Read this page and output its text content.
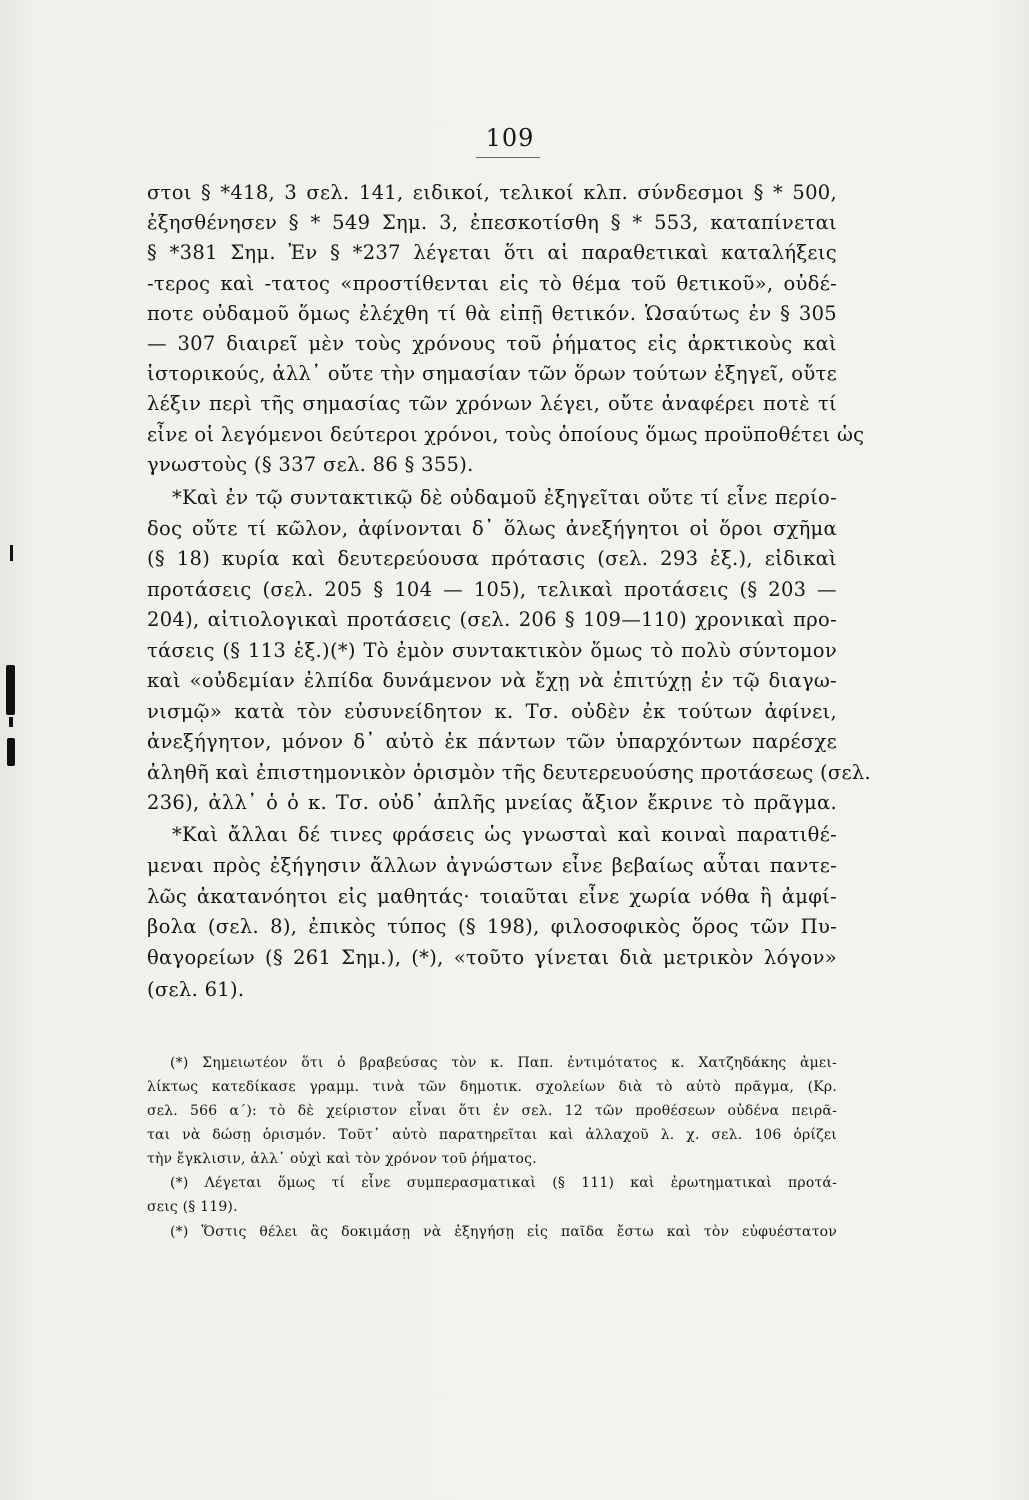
109
στοι § *418, 3 σελ. 141, ειδικοί, τελικοί κλπ. σύνδεσμοι § * 500,
ἐξησθένησεν § * 549 Σημ. 3, ἐπεσκοτίσθη § * 553, καταπίνεται
§ *381 Σημ. Ἐν § *237 λέγεται ὅτι αἱ παραθετικαὶ καταλήξεις
-τερος καὶ -τατος «προστίθενται εἰς τὸ θέμα τοῦ θετικοῦ», οὐδέ-
ποτε οὐδαμοῦ ὅμως ἐλέχθη τί θὰ εἰπῇ θετικόν. Ὡσαύτως ἐν § 305
— 307 διαιρεῖ μὲν τοὺς χρόνους τοῦ ῥήματος εἰς ἀρκτικοὺς καὶ
ἱστορικούς, ἀλλ᾽ οὔτε τὴν σημασίαν τῶν ὅρων τούτων ἐξηγεῖ, οὔτε
λέξιν περὶ τῆς σημασίας τῶν χρόνων λέγει, οὔτε ἀναφέρει ποτὲ τί
εἶνε οἱ λεγόμενοι δεύτεροι χρόνοι, τοὺς ὁποίους ὅμως προϋποθέτει ὡς
γνωστοὺς (§ 337 σελ. 86 § 355).
*Καὶ ἐν τῷ συντακτικῷ δὲ οὐδαμοῦ ἐξηγεῖται οὔτε τί εἶνε περίο-
δος οὔτε τί κῶλον, ἀφίνονται δ᾽ ὅλως ἀνεξήγητοι οἱ ὅροι σχῆμα
(§ 18) κυρία καὶ δευτερεύουσα πρότασις (σελ. 293 ἑξ.), εἰδικαὶ
προτάσεις (σελ. 205 § 104 — 105), τελικαὶ προτάσεις (§ 203 —
204), αἰτιολογικαὶ προτάσεις (σελ. 206 § 109—110) χρονικαὶ προ-
τάσεις (§ 113 ἑξ.)(*) Τὸ ἐμὸν συντακτικὸν ὅμως τὸ πολὺ σύντομον
καὶ «οὐδεμίαν ἐλπίδα δυνάμενον νὰ ἔχῃ νὰ ἐπιτύχῃ ἐν τῷ διαγω-
νισμῷ» κατὰ τὸν εὐσυνείδητον κ. Τσ. οὐδὲν ἐκ τούτων ἀφίνει,
ἀνεξήγητον, μόνον δ᾽ αὐτὸ ἐκ πάντων τῶν ὑπαρχόντων παρέσχε
ἀληθῆ καὶ ἐπιστημονικὸν ὁρισμὸν τῆς δευτερευούσης προτάσεως (σελ.
236), ἀλλ᾽ ὁ ὁ κ. Τσ. οὐδ᾽ ἁπλῆς μνείας ἄξιον ἔκρινε τὸ πρᾶγμα.
*Καὶ ἄλλαι δέ τινες φράσεις ὡς γνωσταὶ καὶ κοιναὶ παρατιθέ-
μεναι πρὸς ἐξήγησιν ἄλλων ἀγνώστων εἶνε βεβαίως αὗται παντε-
λῶς ἀκατανόητοι εἰς μαθητάς· τοιαῦται εἶνε χωρία νόθα ἢ ἀμφί-
βολα (σελ. 8), ἐπικὸς τύπος (§ 198), φιλοσοφικὸς ὅρος τῶν Πυ-
θαγορείων (§ 261 Σημ.), (*), «τοῦτο γίνεται διὰ μετρικὸν λόγον»
(σελ. 61).
(*) Σημειωτέον ὅτι ὁ βραβεύσας τὸν κ. Παπ. ἐντιμότατος κ. Χατζηδάκης ἀμει-
λίκτως κατεδίκασε γραμμ. τινὰ τῶν δημοτικ. σχολείων διὰ τὸ αὐτὸ πρᾶγμα, (Κρ.
σελ. 566 α΄): τὸ δὲ χείριστον εἶναι ὅτι ἐν σελ. 12 τῶν προθέσεων οὐδένα πειρᾶ-
ται νὰ δώσῃ ὁρισμόν. Τοῦτ᾽ αὐτὸ παρατηρεῖται καὶ ἀλλαχοῦ λ. χ. σελ. 106 ὁρίζει
τὴν ἔγκλισιν, ἀλλ᾽ οὐχὶ καὶ τὸν χρόνον τοῦ ῥήματος.
(*) Λέγεται ὅμως τί εἶνε συμπερασματικαὶ (§ 111) καὶ ἐρωτηματικαὶ προτά-
σεις (§ 119).
(*) Ὅστις θέλει ἂς δοκιμάσῃ νὰ ἐξηγήσῃ εἰς παῖδα ἔστω καὶ τὸν εὐφυέστατον
